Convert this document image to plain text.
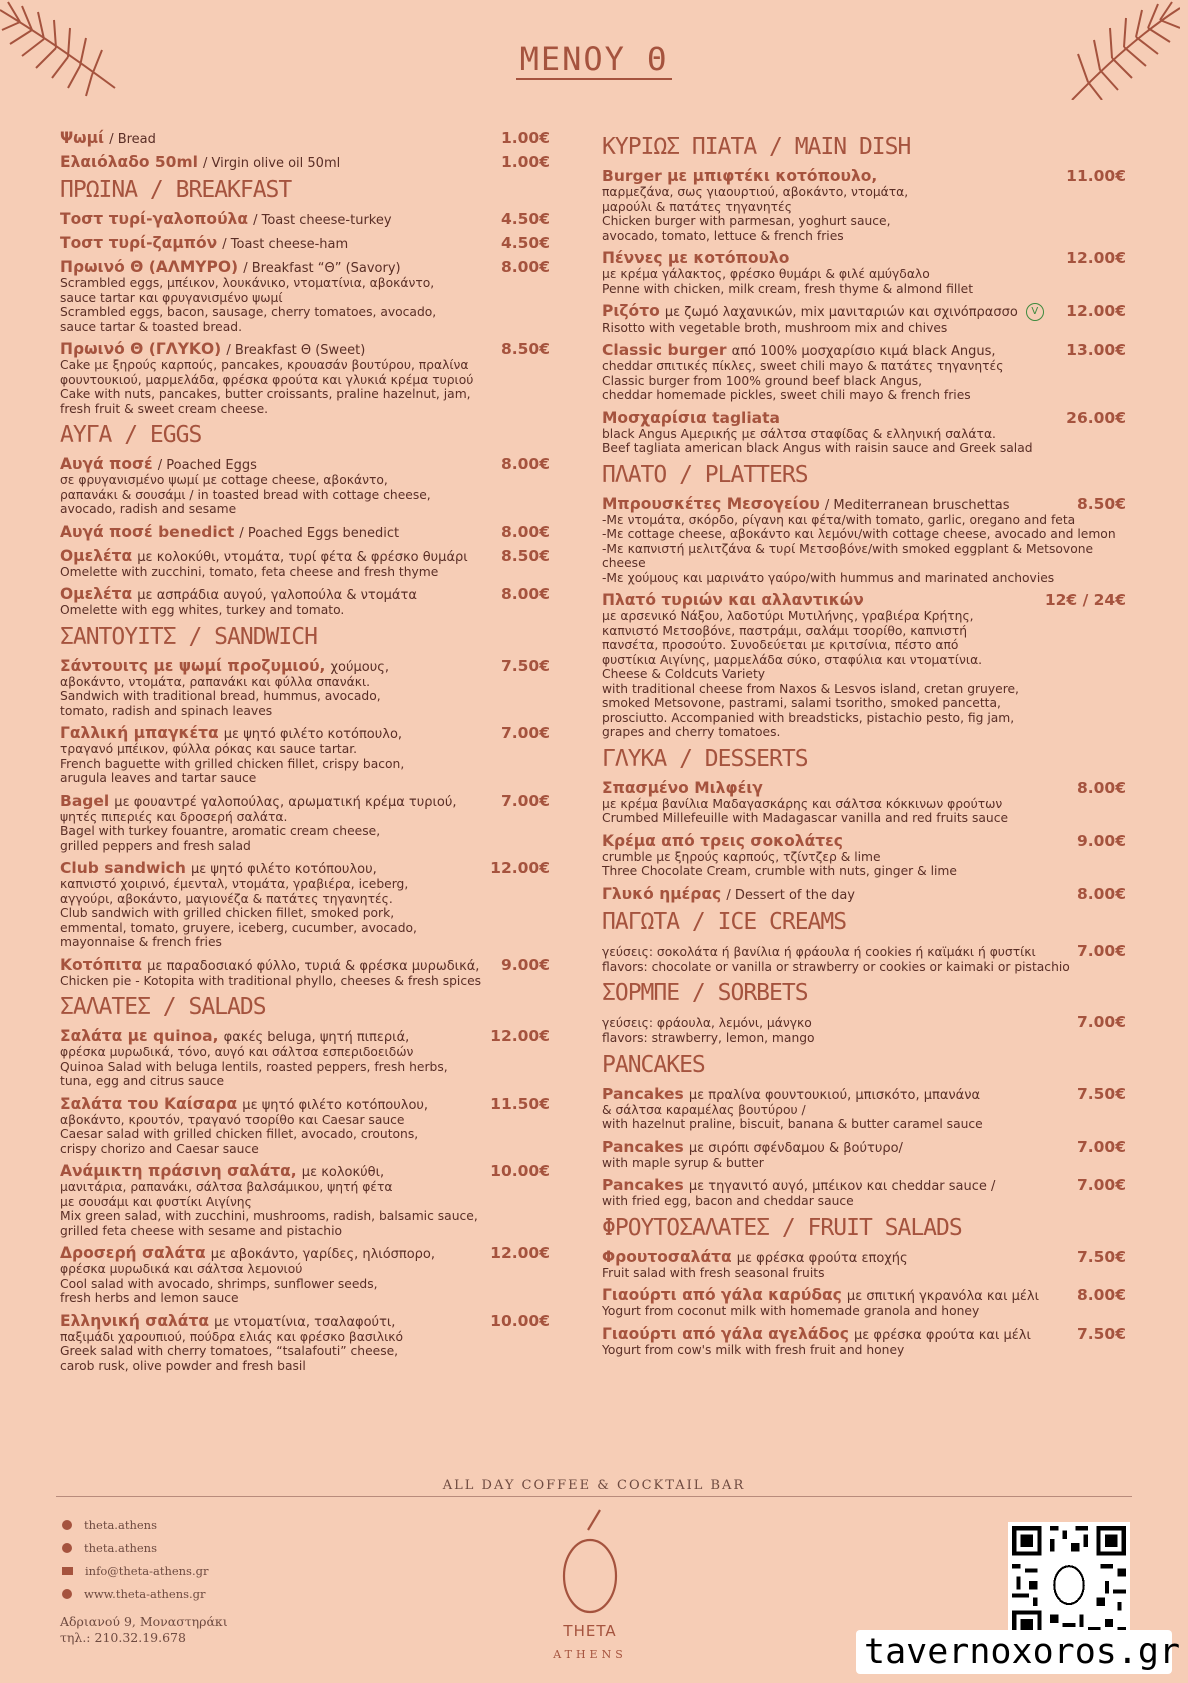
MENOY Θ
Ψωμί / Bread	1.00€
Ελαιόλαδο 50ml / Virgin olive oil 50ml	1.00€
ΠΡΩΙΝΑ / BREAKFAST
Τοστ τυρί-γαλοπούλα / Toast cheese-turkey	4.50€
Τοστ τυρί-ζαμπόν / Toast cheese-ham	4.50€
Πρωινό Θ (ΑΛΜΥΡΟ) / Breakfast “Θ” (Savory)	8.00€
Scrambled eggs, μπέικον, λουκάνικο, ντοματίνια, αβοκάντο,
sauce tartar και φρυγανισμένο ψωμί
Scrambled eggs, bacon, sausage, cherry tomatoes, avocado,
sauce tartar & toasted bread.
Πρωινό Θ (ΓΛΥΚΟ) / Breakfast Θ (Sweet)	8.50€
Cake με ξηρούς καρπούς, pancakes, κρουασάν βουτύρου, πραλίνα
φουντουκιού, μαρμελάδα, φρέσκα φρούτα και γλυκιά κρέμα τυριού
Cake with nuts, pancakes, butter croissants, praline hazelnut, jam,
fresh fruit & sweet cream cheese.
ΑΥΓΑ / EGGS
Αυγά ποσέ / Poached Eggs	8.00€
σε φρυγανισμένο ψωμί με cottage cheese, αβοκάντο,
ραπανάκι & σουσάμι / in toasted bread with cottage cheese,
avocado, radish and sesame
Αυγά ποσέ benedict / Poached Eggs benedict	8.00€
Ομελέτα με κολοκύθι, ντομάτα, τυρί φέτα & φρέσκο θυμάρι	8.50€
Omelette with zucchini, tomato, feta cheese and fresh thyme
Ομελέτα με ασπράδια αυγού, γαλοπούλα & ντομάτα	8.00€
Omelette with egg whites, turkey and tomato.
ΣΑΝΤΟΥΙΤΣ / SANDWICH
Σάντουιτς με ψωμί προζυμιού, χούμους,	7.50€
αβοκάντο, ντομάτα, ραπανάκι και φύλλα σπανάκι.
Sandwich with traditional bread, hummus, avocado,
tomato, radish and spinach leaves
Γαλλική μπαγκέτα με ψητό φιλέτο κοτόπουλο,	7.00€
τραγανό μπέικον, φύλλα ρόκας και sauce tartar.
French baguette with grilled chicken fillet, crispy bacon,
arugula leaves and tartar sauce
Bagel με φουαντρέ γαλοπούλας, αρωματική κρέμα τυριού,	7.00€
ψητές πιπεριές και δροσερή σαλάτα.
Bagel with turkey fouantre, aromatic cream cheese,
grilled peppers and fresh salad
Club sandwich με ψητό φιλέτο κοτόπουλου,	12.00€
καπνιστό χοιρινό, έμενταλ, ντομάτα, γραβιέρα, iceberg,
αγγούρι, αβοκάντο, μαγιονέζα & πατάτες τηγανητές.
Club sandwich with grilled chicken fillet, smoked pork,
emmental, tomato, gruyere, iceberg, cucumber, avocado,
mayonnaise & french fries
Κοτόπιτα με παραδοσιακό φύλλο, τυριά & φρέσκα μυρωδικά,	9.00€
Chicken pie - Kotopita with traditional phyllo, cheeses & fresh spices
ΣΑΛΑΤΕΣ / SALADS
Σαλάτα με quinoa, φακές beluga, ψητή πιπεριά,	12.00€
φρέσκα μυρωδικά, τόνο, αυγό και σάλτσα εσπεριδοειδών
Quinoa Salad with beluga lentils, roasted peppers, fresh herbs,
tuna, egg and citrus sauce
Σαλάτα του Καίσαρα με ψητό φιλέτο κοτόπουλου,	11.50€
αβοκάντο, κρουτόν, τραγανό τσορίθο και Caesar sauce
Caesar salad with grilled chicken fillet, avocado, croutons,
crispy chorizo and Caesar sauce
Ανάμικτη πράσινη σαλάτα, με κολοκύθι,	10.00€
μανιτάρια, ραπανάκι, σάλτσα βαλσάμικου, ψητή φέτα
με σουσάμι και φυστίκι Αιγίνης
Mix green salad, with zucchini, mushrooms, radish, balsamic sauce,
grilled feta cheese with sesame and pistachio
Δροσερή σαλάτα με αβοκάντο, γαρίδες, ηλιόσπορο,	12.00€
φρέσκα μυρωδικά και σάλτσα λεμονιού
Cool salad with avocado, shrimps, sunflower seeds,
fresh herbs and lemon sauce
Ελληνική σαλάτα με ντοματίνια, τσαλαφούτι,	10.00€
παξιμάδι χαρουπιού, πούδρα ελιάς και φρέσκο βασιλικό
Greek salad with cherry tomatoes, “tsalafouti” cheese,
carob rusk, olive powder and fresh basil
ΚΥΡΙΩΣ ΠΙΑΤΑ / MAIN DISH
Burger με μπιφτέκι κοτόπουλο,	11.00€
παρμεζάνα, σως γιαουρτιού, αβοκάντο, ντομάτα,
μαρούλι & πατάτες τηγανητές
Chicken burger with parmesan, yoghurt sauce,
avocado, tomato, lettuce & french fries
Πέννες με κοτόπουλο	12.00€
με κρέμα γάλακτος, φρέσκο θυμάρι & φιλέ αμύγδαλο
Penne with chicken, milk cream, fresh thyme & almond fillet
Ριζότο με ζωμό λαχανικών, mix μανιταριών και σχινόπρασσο V	12.00€
Risotto with vegetable broth, mushroom mix and chives
Classic burger από 100% μοσχαρίσιο κιμά black Angus,	13.00€
cheddar σπιτικές πίκλες, sweet chili mayo & πατάτες τηγανητές
Classic burger from 100% ground beef black Angus,
cheddar homemade pickles, sweet chili mayo & french fries
Μοσχαρίσια tagliata	26.00€
black Angus Αμερικής με σάλτσα σταφίδας & ελληνική σαλάτα.
Beef tagliata american black Angus with raisin sauce and Greek salad
ΠΛΑΤΟ / PLATTERS
Μπρουσκέτες Μεσογείου / Mediterranean bruschettas	8.50€
-Με ντομάτα, σκόρδο, ρίγανη και φέτα/with tomato, garlic, oregano and feta
-Με cottage cheese, αβοκάντο και λεμόνι/with cottage cheese, avocado and lemon
-Με καπνιστή μελιτζάνα & τυρί Μετσοβόνε/with smoked eggplant & Metsovone cheese
-Με χούμους και μαρινάτο γαύρο/with hummus and marinated anchovies
Πλατό τυριών και αλλαντικών	12€ / 24€
με αρσενικό Νάξου, λαδοτύρι Μυτιλήνης, γραβιέρα Κρήτης,
καπνιστό Μετσοβόνε, παστράμι, σαλάμι τσορίθο, καπνιστή
πανσέτα, προσούτο. Συνοδεύεται με κριτσίνια, πέστο από
φυστίκια Αιγίνης, μαρμελάδα σύκο, σταφύλια και ντοματίνια.
Cheese & Coldcuts Variety
with traditional cheese from Naxos & Lesvos island, cretan gruyere,
smoked Metsovone, pastrami, salami tsoritho, smoked pancetta,
prosciutto. Accompanied with breadsticks, pistachio pesto, fig jam,
grapes and cherry tomatoes.
ΓΛΥΚΑ / DESSERTS
Σπασμένο Μιλφέιγ	8.00€
με κρέμα βανίλια Μαδαγασκάρης και σάλτσα κόκκινων φρούτων
Crumbed Millefeuille with Madagascar vanilla and red fruits sauce
Κρέμα από τρεις σοκολάτες	9.00€
crumble με ξηρούς καρπούς, τζίντζερ & lime
Three Chocolate Cream, crumble with nuts, ginger & lime
Γλυκό ημέρας / Dessert of the day	8.00€
ΠΑΓΩΤΑ / ICE CREAMS
γεύσεις: σοκολάτα ή βανίλια ή φράουλα ή cookies ή καϊμάκι ή φυστίκι	7.00€
flavors: chocolate or vanilla or strawberry or cookies or kaimaki or pistachio
ΣΟΡΜΠΕ / SORBETS
γεύσεις: φράουλα, λεμόνι, μάνγκο	7.00€
flavors: strawberry, lemon, mango
PANCAKES
Pancakes με πραλίνα φουντουκιού, μπισκότο, μπανάνα	7.50€
& σάλτσα καραμέλας βουτύρου /
with hazelnut praline, biscuit, banana & butter caramel sauce
Pancakes με σιρόπι σφένδαμου & βούτυρο/	7.00€
with maple syrup & butter
Pancakes με τηγανιτό αυγό, μπέικον και cheddar sauce /	7.00€
with fried egg, bacon and cheddar sauce
ΦΡΟΥΤΟΣΑΛΑΤΕΣ / FRUIT SALADS
Φρουτοσαλάτα με φρέσκα φρούτα εποχής	7.50€
Fruit salad with fresh seasonal fruits
Γιαούρτι από γάλα καρύδας με σπιτική γκρανόλα και μέλι	8.00€
Yogurt from coconut milk with homemade granola and honey
Γιαούρτι από γάλα αγελάδος με φρέσκα φρούτα και μέλι	7.50€
Yogurt from cow's milk with fresh fruit and honey
ALL DAY COFFEE & COCKTAIL BAR
theta.athens
theta.athens
info@theta-athens.gr
www.theta-athens.gr
Αδριανού 9, Μοναστηράκι
τηλ.: 210.32.19.678	THETA
ATHENS	tavernoxoros.gr
